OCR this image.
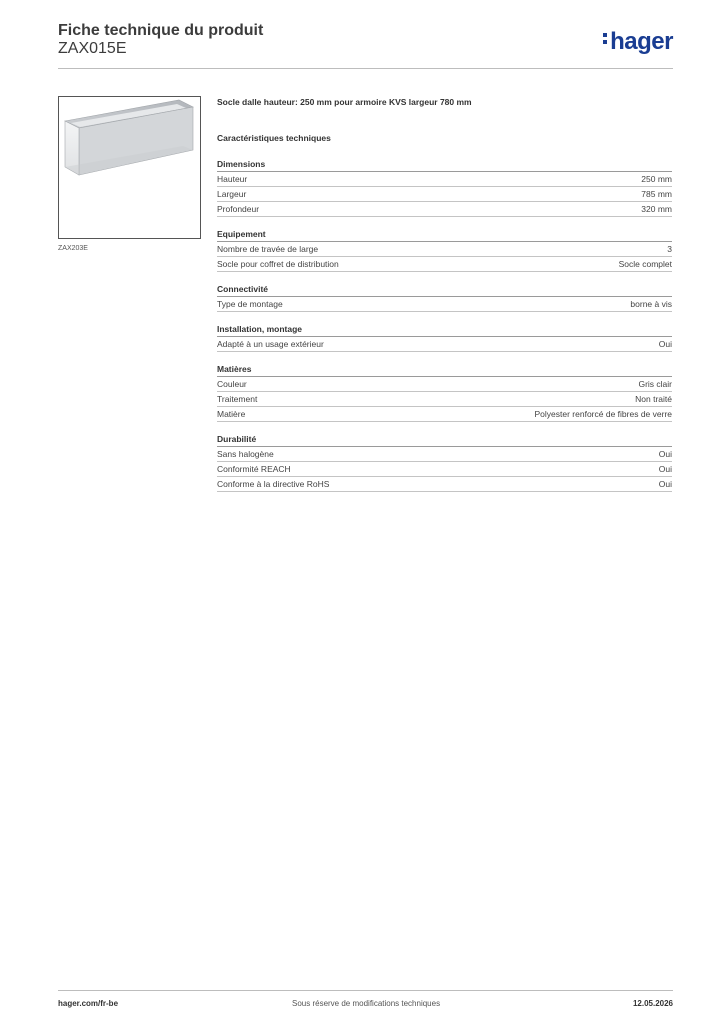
Fiche technique du produit
ZAX015E	hager
ZAX203E
Socle dalle hauteur: 250 mm pour armoire KVS largeur 780 mm
Caractéristiques techniques
Dimensions
Hauteur	250 mm
Largeur	785 mm
Profondeur	320 mm
Equipement
Nombre de travée de large	3
Socle pour coffret de distribution	Socle complet
Connectivité
Type de montage	borne à vis
Installation, montage
Adapté à un usage extérieur	Oui
Matières
Couleur	Gris clair
Traitement	Non traité
Matière	Polyester renforcé de fibres de verre
Durabilité
Sans halogène	Oui
Conformité REACH	Oui
Conforme à la directive RoHS	Oui
hager.com/fr-be	Sous réserve de modifications techniques	12.05.2026
